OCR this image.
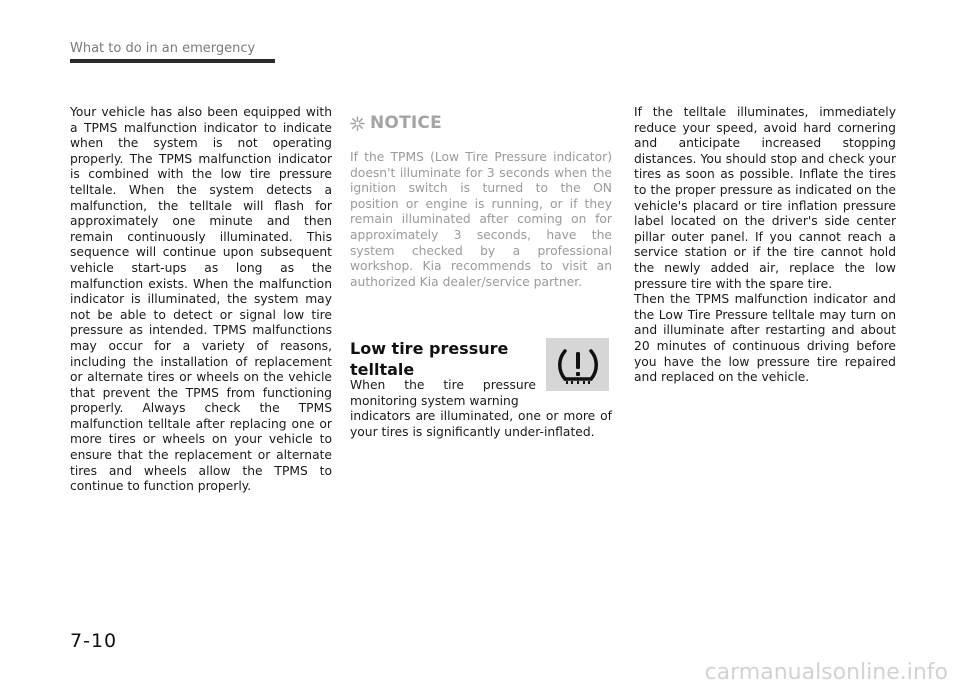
What to do in an emergency

Your vehicle has also been equipped with a TPMS malfunction indicator to indicate when the system is not operating properly. The TPMS malfunction indicator is combined with the low tire pressure telltale. When the system detects a malfunction, the telltale will flash for approximately one minute and then remain continuously illuminated. This sequence will continue upon subsequent vehicle start-ups as long as the malfunction exists. When the malfunction indicator is illuminated, the system may not be able to detect or signal low tire pressure as intended. TPMS malfunctions may occur for a variety of reasons, including the installation of replacement or alternate tires or wheels on the vehicle that prevent the TPMS from functioning properly. Always check the TPMS malfunction telltale after replacing one or more tires or wheels on your vehicle to ensure that the replacement or alternate tires and wheels allow the TPMS to continue to function properly.

NOTICE
If the TPMS (Low Tire Pressure indicator) doesn't illuminate for 3 seconds when the ignition switch is turned to the ON position or engine is running, or if they remain illuminated after coming on for approximately 3 seconds, have the system checked by a professional workshop. Kia recommends to visit an authorized Kia dealer/service partner.
Low tire pressure telltale
When the tire pressure monitoring system warning
indicators are illuminated, one or more of your tires is significantly under-inflated.

If the telltale illuminates, immediately reduce your speed, avoid hard cornering and anticipate increased stopping distances. You should stop and check your tires as soon as possible. Inflate the tires to the proper pressure as indicated on the vehicle's placard or tire inflation pressure label located on the driver's side center pillar outer panel. If you cannot reach a service station or if the tire cannot hold the newly added air, replace the low pressure tire with the spare tire.

Then the TPMS malfunction indicator and the Low Tire Pressure telltale may turn on and illuminate after restarting and about 20 minutes of continuous driving before you have the low pressure tire repaired and replaced on the vehicle.

7-10
carmanualsonline.info
